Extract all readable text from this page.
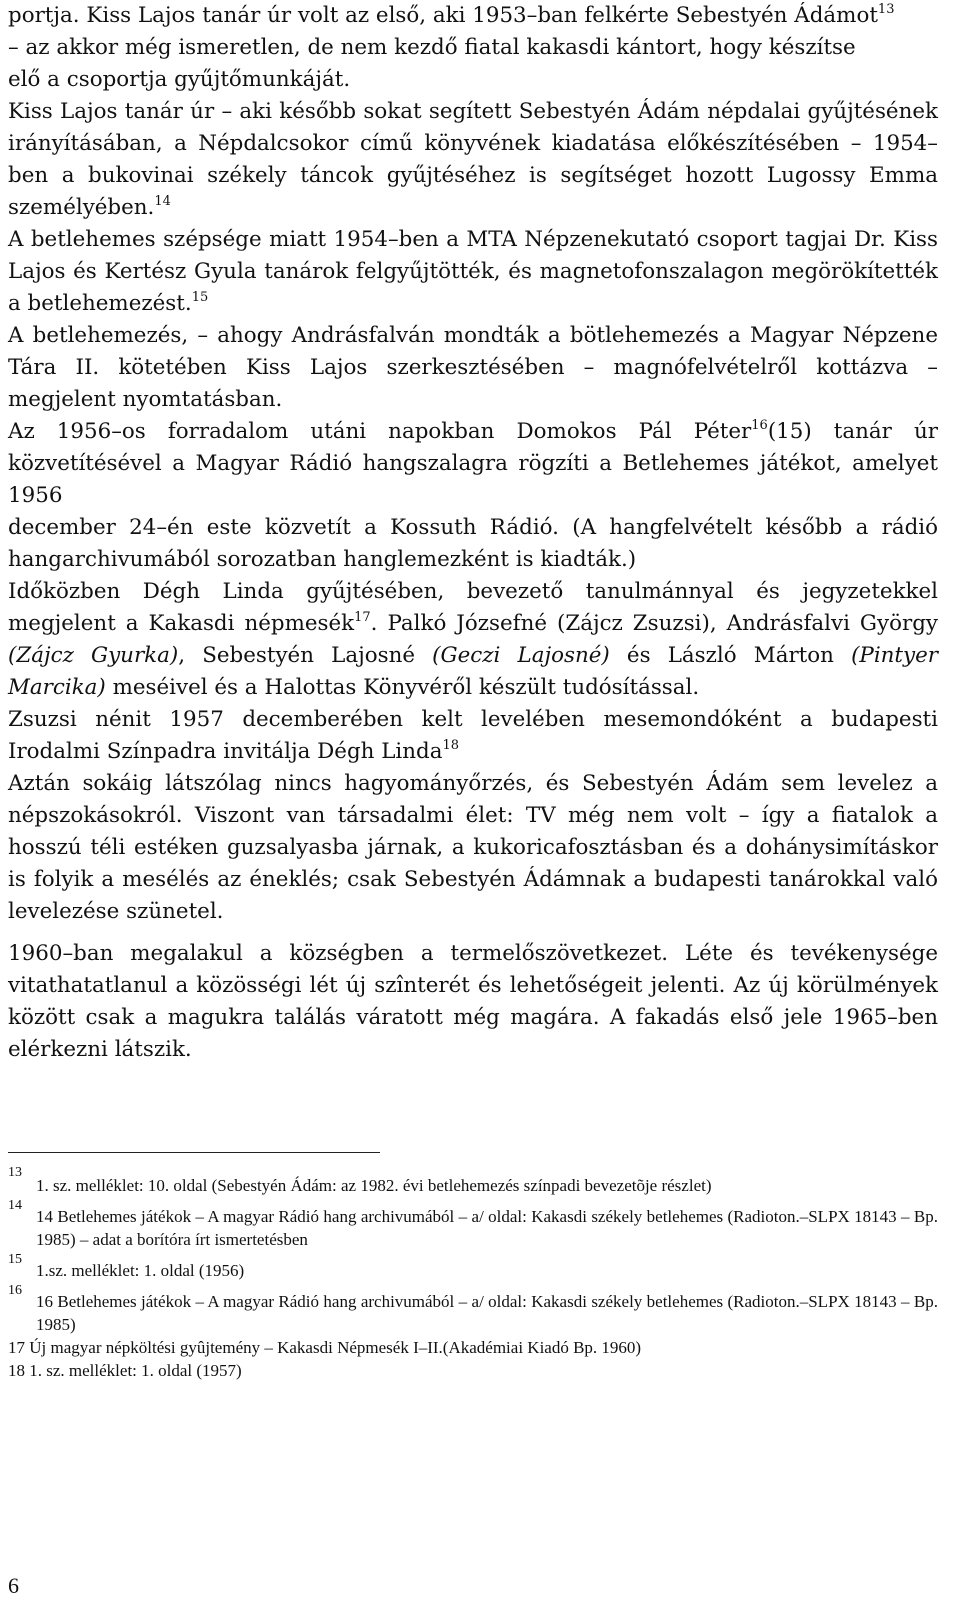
portja. Kiss Lajos tanár úr volt az első, aki 1953–ban felkérte Sebestyén Ádámot$^{13}$
– az akkor még ismeretlen, de nem kezdő fiatal kakasdi kántort, hogy készítse
elő a csoportja gyűjtőmunkáját.

Kiss Lajos tanár úr – aki később sokat segített Sebestyén Ádám népdalai gyűjtésének irányításában, a Népdalcsokor című könyvének kiadatása előkészítésében – 1954–ben a bukovinai székely táncok gyűjtéséhez is segítséget hozott Lugossy Emma személyében.$^{14}$

A betlehemes szépsége miatt 1954–ben a MTA Népzenekutató csoport tagjai Dr. Kiss Lajos és Kertész Gyula tanárok felgyűjtötték, és magnetofonszalagon megörökítették a betlehemezést.$^{15}$

A betlehemezés, – ahogy Andrásfalván mondták a bötlehemezés a Magyar Népzene Tára II. kötetében Kiss Lajos szerkesztésében – magnófelvételről kottázva – megjelent nyomtatásban.

Az 1956–os forradalom utáni napokban Domokos Pál Péter$^{16}$(15) tanár úr közvetítésével a Magyar Rádió hangszalagra rögzíti a Betlehemes játékot, amelyet 1956

december 24–én este közvetít a Kossuth Rádió. (A hangfelvételt később a rádió hangarchivumából sorozatban hanglemezként is kiadták.)

Időközben Dégh Linda gyűjtésében, bevezető tanulmánnyal és jegyzetekkel megjelent a Kakasdi népmesék$^{17}$. Palkó Józsefné (Zájcz Zsuzsi), Andrásfalvi György (Zájcz Gyurka), Sebestyén Lajosné (Geczi Lajosné) és László Márton (Pintyer Marcika) meséivel és a Halottas Könyvéről készült tudósítással.

Zsuzsi nénit 1957 decemberében kelt levelében mesemondóként a budapesti Irodalmi Színpadra invitálja Dégh Linda$^{18}$

Aztán sokáig látszólag nincs hagyományőrzés, és Sebestyén Ádám sem levelez a népszokásokról. Viszont van társadalmi élet: TV még nem volt – így a fiatalok a hosszú téli estéken guzsalyasba járnak, a kukoricafosztásban és a dohánysimításkor is folyik a mesélés az éneklés; csak Sebestyén Ádámnak a budapesti tanárokkal való levelezése szünetel.

1960–ban megalakul a községben a termelőszövetkezet. Léte és tevékenysége vitathatatlanul a közösségi lét új szînterét és lehetőségeit jelenti. Az új körülmények között csak a magukra találás váratott még magára. A fakadás első jele 1965–ben elérkezni látszik.

13
1. sz. melléklet: 10. oldal (Sebestyén Ádám: az 1982. évi betlehemezés színpadi bevezetõje részlet)

14
14 Betlehemes játékok – A magyar Rádió hang archivumából – a/ oldal: Kakasdi székely betlehemes (Radioton.–SLPX 18143 – Bp. 1985) – adat a borítóra írt ismertetésben

15
1.sz. melléklet: 1. oldal (1956)

16
16 Betlehemes játékok – A magyar Rádió hang archivumából – a/ oldal: Kakasdi székely betlehemes (Radioton.–SLPX 18143 – Bp. 1985)

17 Új magyar népköltési gyûjtemény – Kakasdi Népmesék I–II.(Akadémiai Kiadó Bp. 1960)

18 1. sz. melléklet: 1. oldal (1957)

6
